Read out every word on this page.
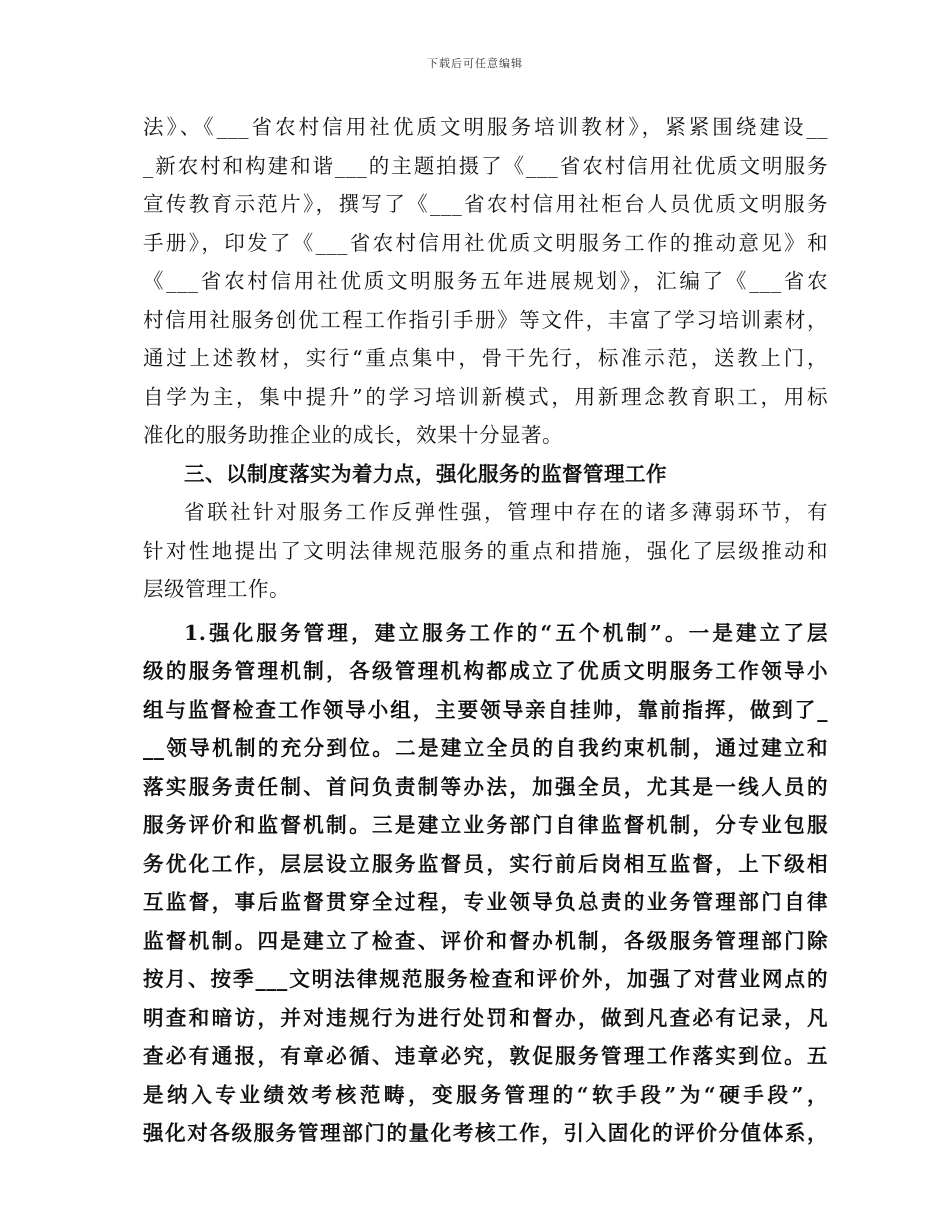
下载后可任意编辑
法》、《___省农村信用社优质文明服务培训教材》，紧紧围绕建设__
_新农村和构建和谐___的主题拍摄了《___省农村信用社优质文明服务
宣传教育示范片》，撰写了《___省农村信用社柜台人员优质文明服务
手册》，印发了《___省农村信用社优质文明服务工作的推动意见》和
《___省农村信用社优质文明服务五年进展规划》，汇编了《___省农
村信用社服务创优工程工作指引手册》等文件，丰富了学习培训素材，
通过上述教材，实行“重点集中，骨干先行，标准示范，送教上门，
自学为主，集中提升”的学习培训新模式，用新理念教育职工，用标
准化的服务助推企业的成长，效果十分显著。
三、以制度落实为着力点，强化服务的监督管理工作
省联社针对服务工作反弹性强，管理中存在的诸多薄弱环节，有
针对性地提出了文明法律规范服务的重点和措施，强化了层级推动和
层级管理工作。
1.强化服务管理，建立服务工作的“五个机制”。一是建立了层
级的服务管理机制，各级管理机构都成立了优质文明服务工作领导小
组与监督检查工作领导小组，主要领导亲自挂帅，靠前指挥，做到了_
__领导机制的充分到位。二是建立全员的自我约束机制，通过建立和
落实服务责任制、首问负责制等办法，加强全员，尤其是一线人员的
服务评价和监督机制。三是建立业务部门自律监督机制，分专业包服
务优化工作，层层设立服务监督员，实行前后岗相互监督，上下级相
互监督，事后监督贯穿全过程，专业领导负总责的业务管理部门自律
监督机制。四是建立了检查、评价和督办机制，各级服务管理部门除
按月、按季___文明法律规范服务检查和评价外，加强了对营业网点的
明查和暗访，并对违规行为进行处罚和督办，做到凡查必有记录，凡
查必有通报，有章必循、违章必究，敦促服务管理工作落实到位。五
是纳入专业绩效考核范畴，变服务管理的“软手段”为“硬手段”，
强化对各级服务管理部门的量化考核工作，引入固化的评价分值体系，
